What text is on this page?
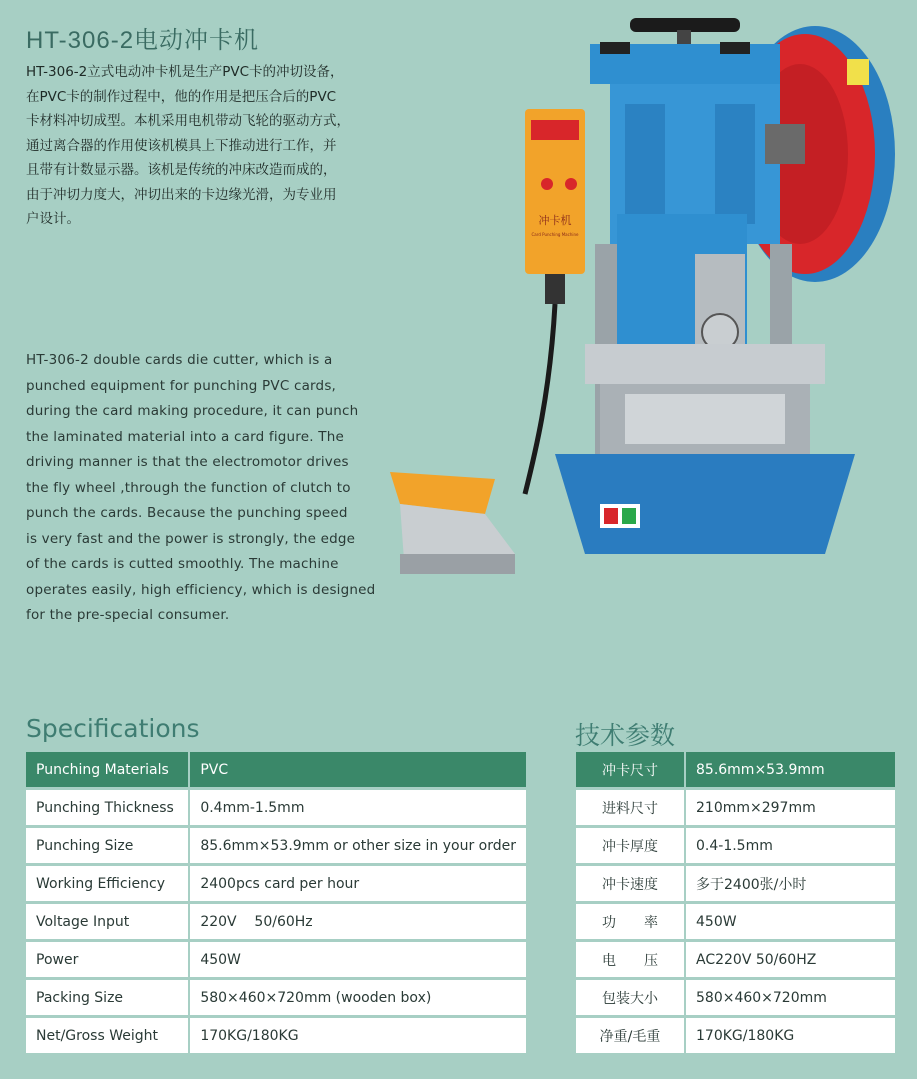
HT-306-2电动冲卡机

HT-306-2立式电动冲卡机是生产PVC卡的冲切设备，

在PVC卡的制作过程中，他的作用是把压合后的PVC

卡材料冲切成型。本机采用电机带动飞轮的驱动方式，

通过离合器的作用使该机模具上下推动进行工作，并

且带有计数显示器。该机是传统的冲床改造而成的，

由于冲切力度大，冲切出来的卡边缘光滑，为专业用

户设计。

HT-306-2 double cards die cutter, which is a

punched equipment for punching PVC cards,

during the card making procedure, it can punch

the laminated material into a card figure. The

driving manner is that the electromotor drives

the fly wheel ,through the function of clutch to

punch the cards. Because the punching speed

is very fast and the power is strongly, the edge

of the cards is cutted smoothly. The machine

operates easily, high efficiency, which is designed

for the pre-special consumer.

冲卡机
Card Punching Machine
Specifications
Punching Materials	PVC
Punching Thickness	0.4mm-1.5mm
Punching Size	85.6mm×53.9mm or other size in your order
Working Efficiency	2400pcs card per hour
Voltage Input	220V    50/60Hz
Power	450W
Packing Size	580×460×720mm (wooden box)
Net/Gross Weight	170KG/180KG
技术参数
冲卡尺寸	85.6mm×53.9mm
进料尺寸	210mm×297mm
冲卡厚度	0.4-1.5mm
冲卡速度	多于2400张/小时
功　　率	450W
电　　压	AC220V 50/60HZ
包装大小	580×460×720mm
净重/毛重	170KG/180KG
